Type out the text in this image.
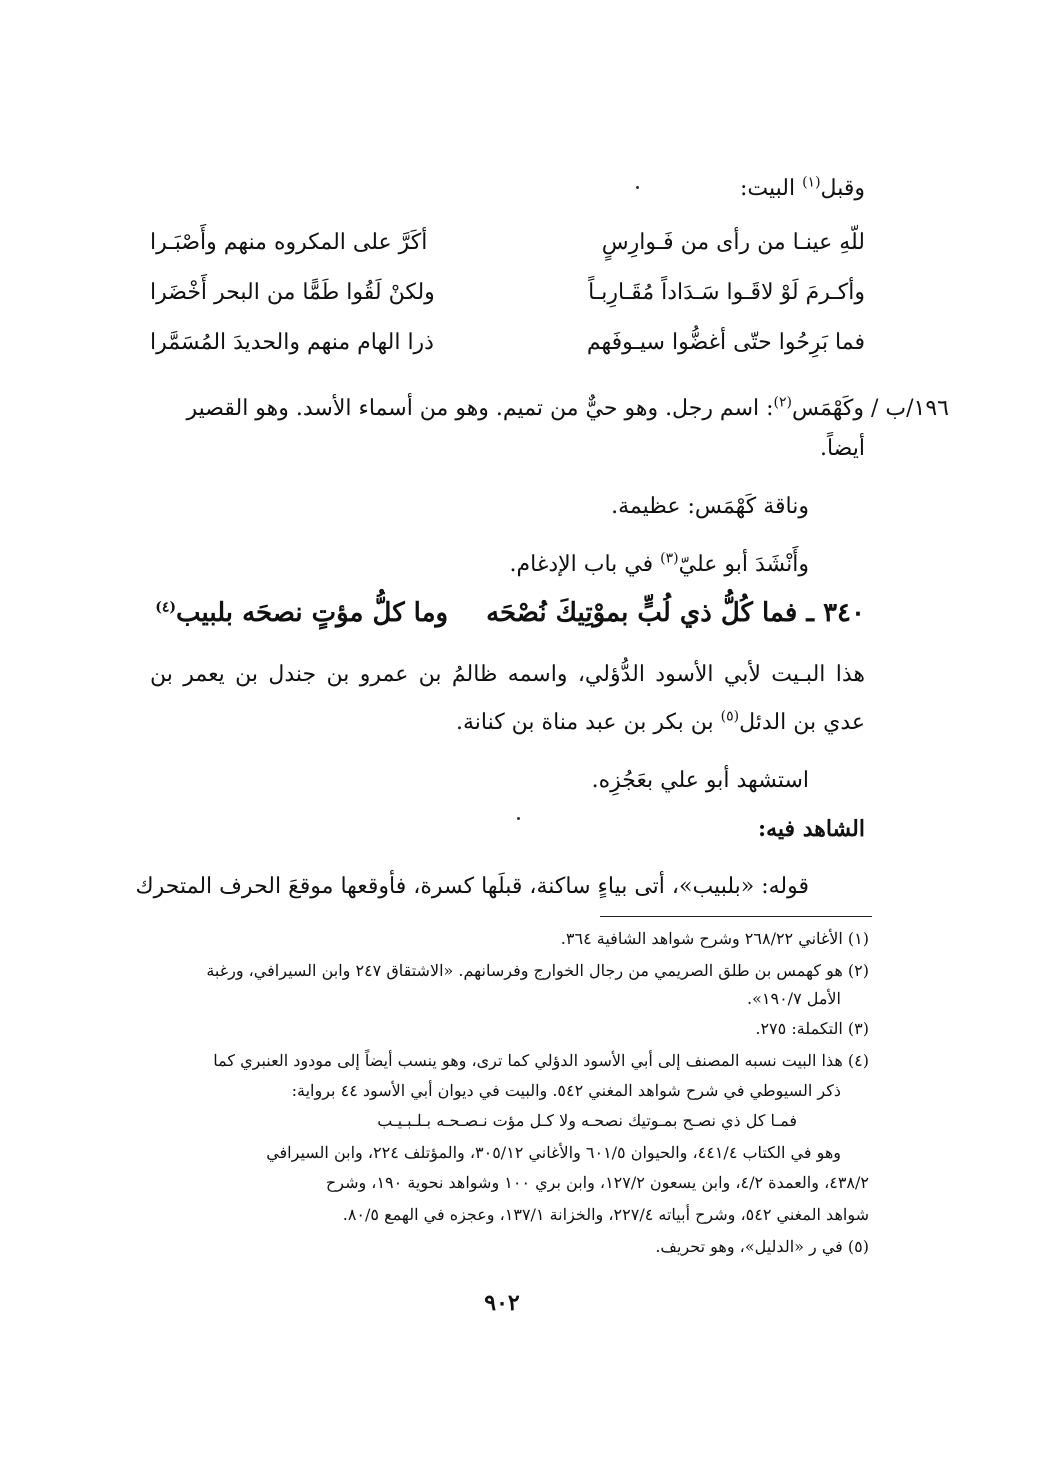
وقبل$^{(١)}$ البيت:
للّهِ عينـا من رأى من فَـوارِسٍ
أكَرَّ على المكروه منهم وأَصْبَـرا
وأكـرمَ لَوْ لاقَـوا سَـدَاداً مُقَـارِبـاً
ولكنْ لَقُوا طَمًّا من البحر أَخْضَرا
فما بَرِحُوا حتّى أغضُّوا سيـوفَهم
ذرا الهام منهم والحديدَ المُسَمَّرا
١٩٦/ب / وكَهْمَس$^{(٢)}$: اسم رجل. وهو حيٌّ من تميم. وهو من أسماء الأسد. وهو القصير
أيضاً.
وناقة كَهْمَس: عظيمة.
وأَنْشَدَ أبو عليّ$^{(٣)}$ في باب الإدغام.
٣٤٠ ـ فما كُلُّ ذي لُبٍّ بموْتِيكَ نُصْحَهوما كلُّ مؤتٍ نصحَه بلبيب$^{(٤)}$
هذا البـيت لأبي الأسود الدُّؤلي، واسمه ظالمُ بن عمرو بن جندل بن يعمر بن
عدي بن الدئل$^{(٥)}$ بن بكر بن عبد مناة بن كنانة.
استشهد أبو علي بعَجُزِه.
الشاهد فيه:
قوله: «بلبيب»، أتى بياءٍ ساكنة، قبلَها كسرة، فأوقعها موقعَ الحرف المتحرك
(١) الأغاني ٢٦٨/٢٢ وشرح شواهد الشافية ٣٦٤.
(٢) هو كهمس بن طلق الصريمي من رجال الخوارج وفرسانهم. «الاشتقاق ٢٤٧ وابن السيرافي، ورغبة
الأمل ١٩٠/٧».
(٣) التكملة: ٢٧٥.
(٤) هذا البيت نسبه المصنف إلى أبي الأسود الدؤلي كما ترى، وهو ينسب أيضاً إلى مودود العنبري كما
ذكر السيوطي في شرح شواهد المغني ٥٤٢. والبيت في ديوان أبي الأسود ٤٤ برواية:
فمـا كل ذي نصـح بمـوتيك نصحـه ولا كـل مؤت نـصـحـه بـلـبـيـب
وهو في الكتاب ٤٤١/٤، والحيوان ٦٠١/٥ والأغاني ٣٠٥/١٢، والمؤتلف ٢٢٤، وابن السيرافي
٤٣٨/٢، والعمدة ٤/٢، وابن يسعون ١٢٧/٢، وابن بري ١٠٠ وشواهد نحوية ١٩٠، وشرح
شواهد المغني ٥٤٢، وشرح أبياته ٢٢٧/٤، والخزانة ١٣٧/١، وعجزه في الهمع ٨٠/٥.
(٥) في ر «الدليل»، وهو تحريف.
٩٠٢
